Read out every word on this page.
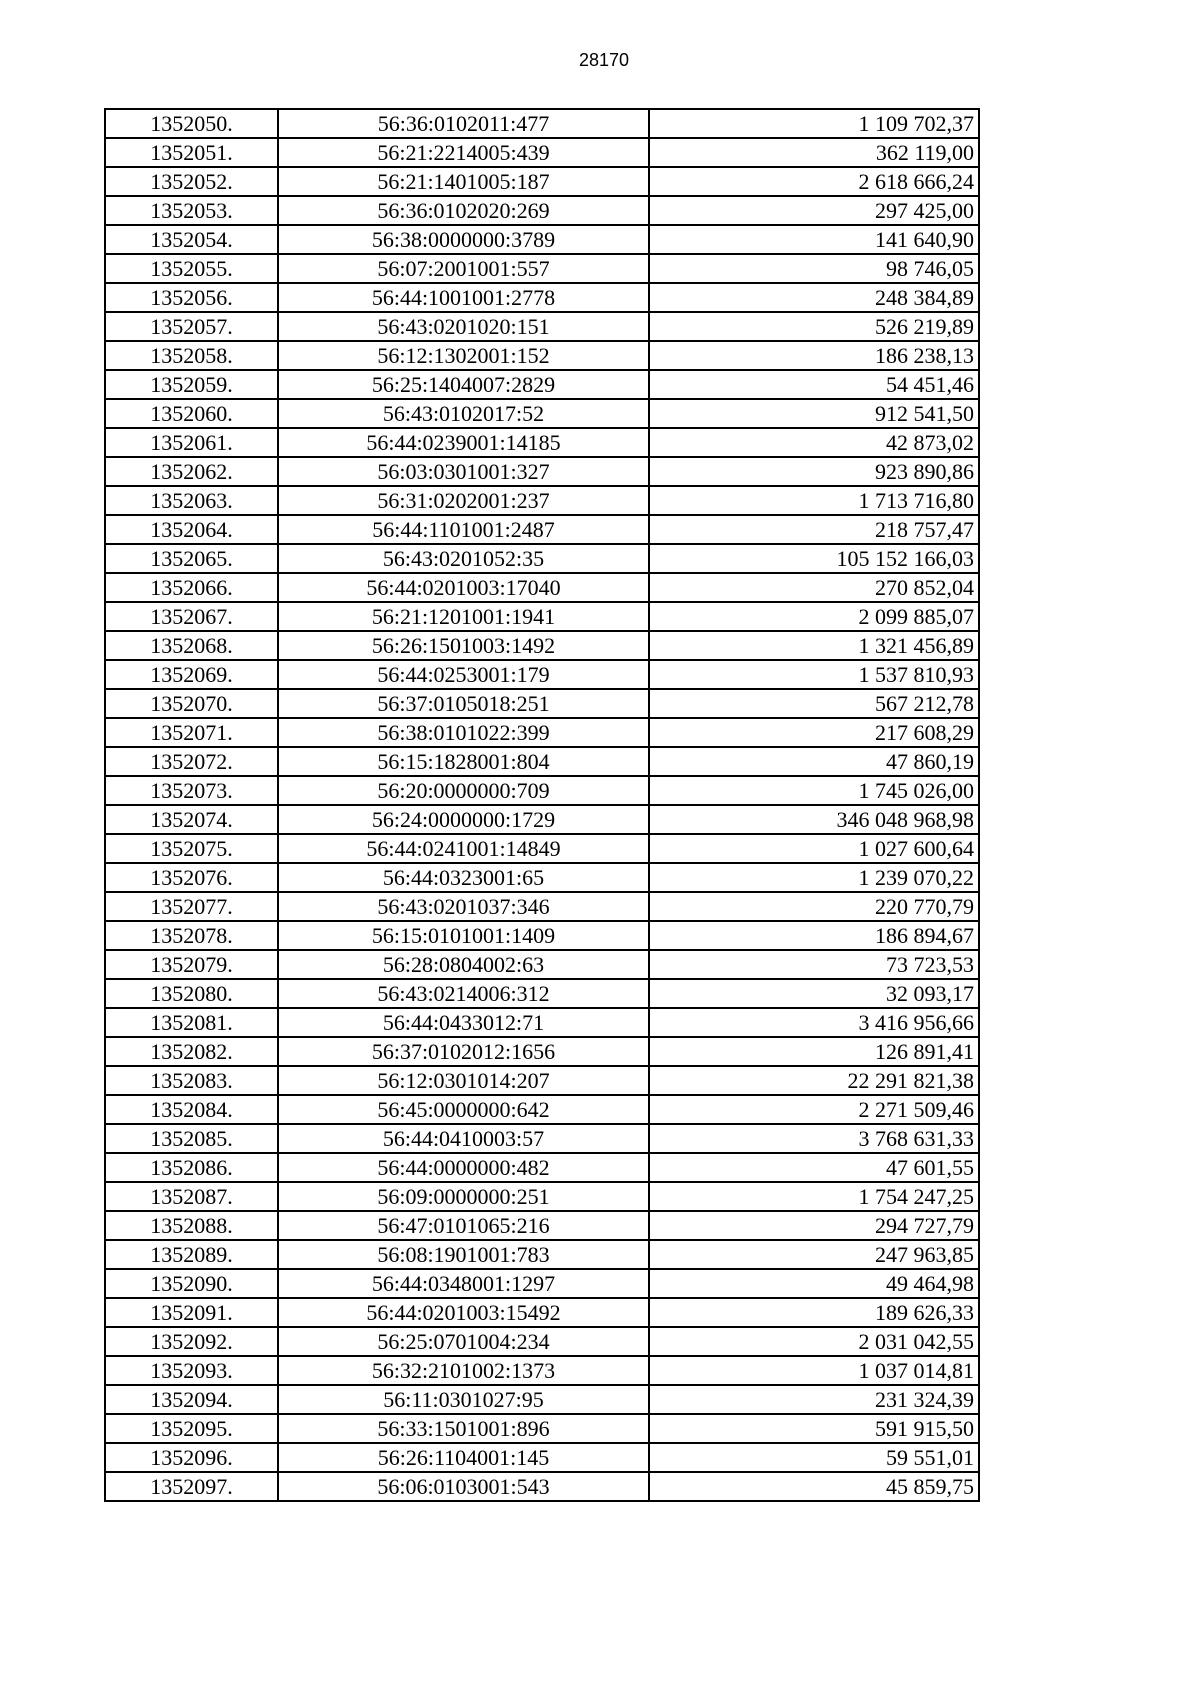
28170
1352050.	56:36:0102011:477	1 109 702,37
1352051.	56:21:2214005:439	362 119,00
1352052.	56:21:1401005:187	2 618 666,24
1352053.	56:36:0102020:269	297 425,00
1352054.	56:38:0000000:3789	141 640,90
1352055.	56:07:2001001:557	98 746,05
1352056.	56:44:1001001:2778	248 384,89
1352057.	56:43:0201020:151	526 219,89
1352058.	56:12:1302001:152	186 238,13
1352059.	56:25:1404007:2829	54 451,46
1352060.	56:43:0102017:52	912 541,50
1352061.	56:44:0239001:14185	42 873,02
1352062.	56:03:0301001:327	923 890,86
1352063.	56:31:0202001:237	1 713 716,80
1352064.	56:44:1101001:2487	218 757,47
1352065.	56:43:0201052:35	105 152 166,03
1352066.	56:44:0201003:17040	270 852,04
1352067.	56:21:1201001:1941	2 099 885,07
1352068.	56:26:1501003:1492	1 321 456,89
1352069.	56:44:0253001:179	1 537 810,93
1352070.	56:37:0105018:251	567 212,78
1352071.	56:38:0101022:399	217 608,29
1352072.	56:15:1828001:804	47 860,19
1352073.	56:20:0000000:709	1 745 026,00
1352074.	56:24:0000000:1729	346 048 968,98
1352075.	56:44:0241001:14849	1 027 600,64
1352076.	56:44:0323001:65	1 239 070,22
1352077.	56:43:0201037:346	220 770,79
1352078.	56:15:0101001:1409	186 894,67
1352079.	56:28:0804002:63	73 723,53
1352080.	56:43:0214006:312	32 093,17
1352081.	56:44:0433012:71	3 416 956,66
1352082.	56:37:0102012:1656	126 891,41
1352083.	56:12:0301014:207	22 291 821,38
1352084.	56:45:0000000:642	2 271 509,46
1352085.	56:44:0410003:57	3 768 631,33
1352086.	56:44:0000000:482	47 601,55
1352087.	56:09:0000000:251	1 754 247,25
1352088.	56:47:0101065:216	294 727,79
1352089.	56:08:1901001:783	247 963,85
1352090.	56:44:0348001:1297	49 464,98
1352091.	56:44:0201003:15492	189 626,33
1352092.	56:25:0701004:234	2 031 042,55
1352093.	56:32:2101002:1373	1 037 014,81
1352094.	56:11:0301027:95	231 324,39
1352095.	56:33:1501001:896	591 915,50
1352096.	56:26:1104001:145	59 551,01
1352097.	56:06:0103001:543	45 859,75
